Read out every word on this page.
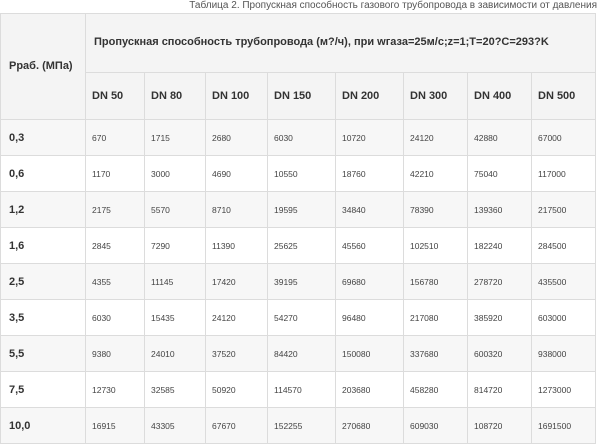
Таблица 2. Пропускная способность газового трубопровода в зависимости от давления
Рраб. (МПа)	Пропускная способность трубопровода (м?/ч), при wгаза=25м/с;z=1;T=20?C=293?K							
	DN 50	DN 80	DN 100	DN 150	DN 200	DN 300	DN 400	DN 500
0,3	670	1715	2680	6030	10720	24120	42880	67000
0,6	1170	3000	4690	10550	18760	42210	75040	117000
1,2	2175	5570	8710	19595	34840	78390	139360	217500
1,6	2845	7290	11390	25625	45560	102510	182240	284500
2,5	4355	11145	17420	39195	69680	156780	278720	435500
3,5	6030	15435	24120	54270	96480	217080	385920	603000
5,5	9380	24010	37520	84420	150080	337680	600320	938000
7,5	12730	32585	50920	114570	203680	458280	814720	1273000
10,0	16915	43305	67670	152255	270680	609030	108720	1691500
